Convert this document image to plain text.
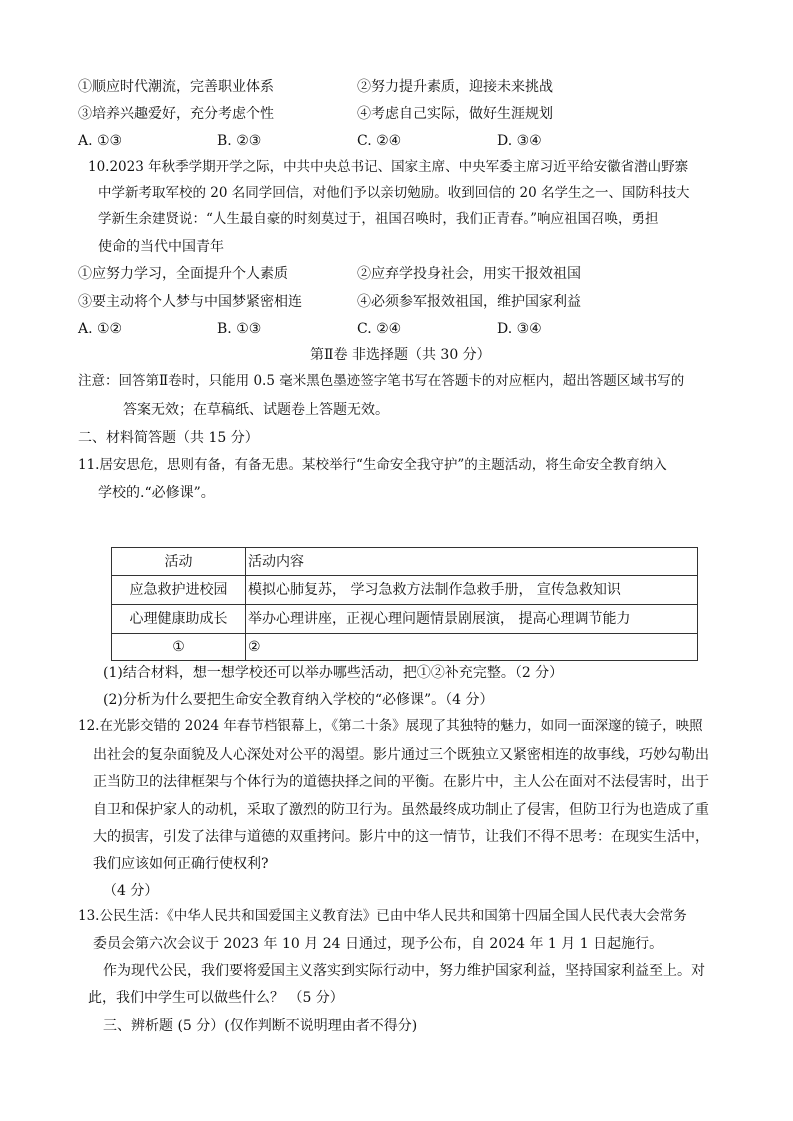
①顺应时代潮流，完善职业体系	②努力提升素质，迎接未来挑战
③培养兴趣爱好，充分考虑个性	④考虑自己实际，做好生涯规划
A. ①③	B. ②③	C. ②④	D. ③④
10.2023 年秋季学期开学之际，中共中央总书记、国家主席、中央军委主席习近平给安徽省潜山野寨
中学新考取军校的 20 名同学回信，对他们予以亲切勉励。收到回信的 20 名学生之一、国防科技大
学新生余建贤说：“人生最自豪的时刻莫过于，祖国召唤时，我们正青春。”响应祖国召唤，勇担
使命的当代中国青年
①应努力学习，全面提升个人素质	②应弃学投身社会，用实干报效祖国
③要主动将个人梦与中国梦紧密相连	④必须参军报效祖国，维护国家利益
A. ①②	B. ①③	C. ②④	D. ③④
第Ⅱ卷 非选择题（共 30 分）
注意：回答第Ⅱ卷时，只能用 0.5 毫米黑色墨迹签字笔书写在答题卡的对应框内，超出答题区域书写的
答案无效；在草稿纸、试题卷上答题无效。
二、材料简答题（共 15 分）
11.居安思危，思则有备，有备无患。某校举行“生命安全我守护”的主题活动，将生命安全教育纳入
学校的.“必修课”。
活动	活动内容
应急救护进校园	模拟心肺复苏， 学习急救方法制作急救手册， 宣传急救知识
心理健康助成长	举办心理讲座，正视心理问题情景剧展演， 提高心理调节能力
①	②
(1)结合材料，想一想学校还可以举办哪些活动，把①②补充完整。（2 分）
(2)分析为什么要把生命安全教育纳入学校的“必修课”。（4 分）
12.在光影交错的 2024 年春节档银幕上，《第二十条》展现了其独特的魅力，如同一面深邃的镜子，映照
出社会的复杂面貌及人心深处对公平的渴望。影片通过三个既独立又紧密相连的故事线，巧妙勾勒出
正当防卫的法律框架与个体行为的道德抉择之间的平衡。在影片中，主人公在面对不法侵害时，出于
自卫和保护家人的动机，采取了激烈的防卫行为。虽然最终成功制止了侵害，但防卫行为也造成了重
大的损害，引发了法律与道德的双重拷问。影片中的这一情节，让我们不得不思考：在现实生活中，
我们应该如何正确行使权利?
（4 分）
13.公民生活：《中华人民共和国爱国主义教育法》已由中华人民共和国第十四届全国人民代表大会常务
委员会第六次会议于 2023 年 10 月 24 日通过，现予公布，自 2024 年 1 月 1 日起施行。
作为现代公民，我们要将爱国主义落实到实际行动中，努力维护国家利益，坚持国家利益至上。对
此，我们中学生可以做些什么？ （5 分）
三、辨析题 (5 分）(仅作判断不说明理由者不得分)
